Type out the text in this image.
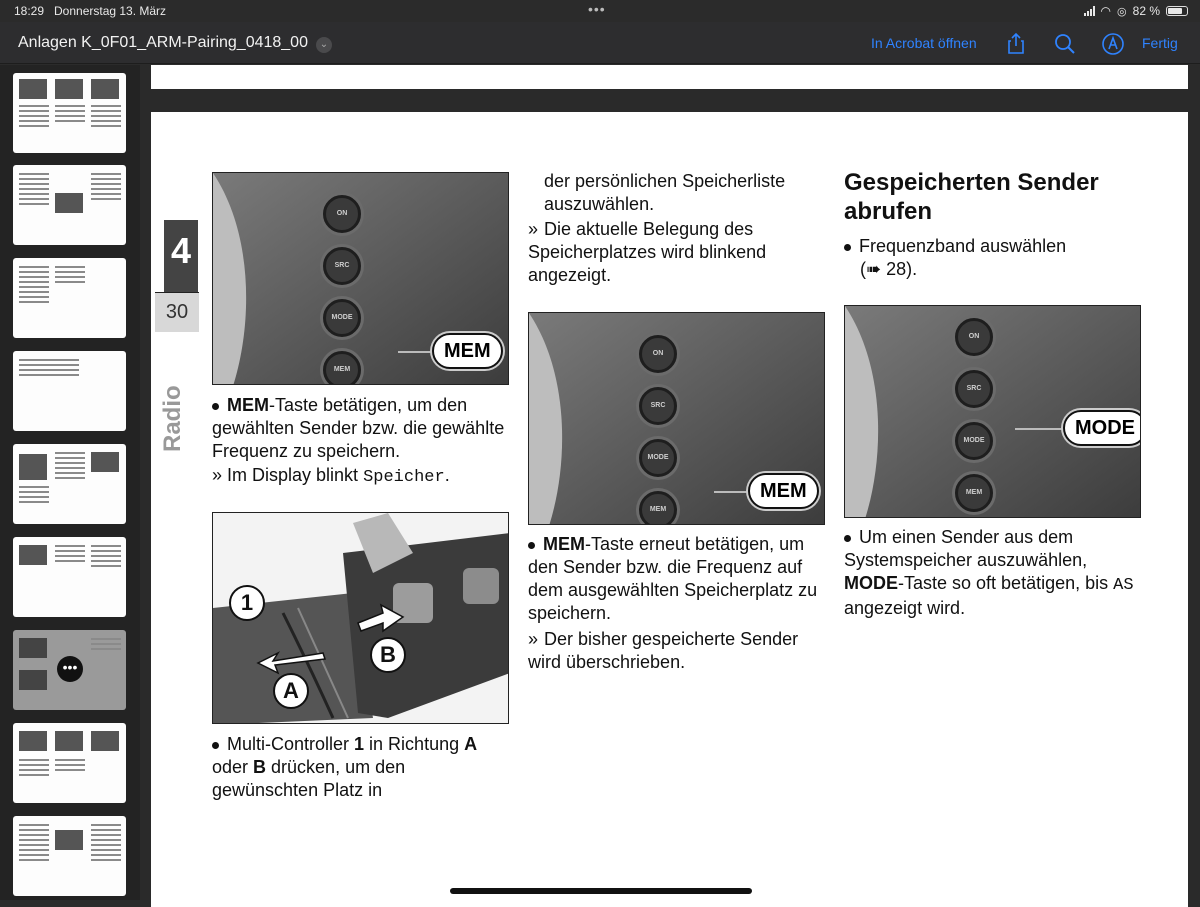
18:29 Donnerstag 13. März	•••	◠ ◎ 82 %
Anlagen K_0F01_ARM-Pairing_0418_00 ⌄	In Acrobat öffnen	Fertig
•••
4
30
Radio
ON
SRC
MODE
MEM
MEM
MEM-Taste betätigen, um den gewählten Sender bzw. die gewählte Frequenz zu speichern.
» Im Display blinkt Speicher.
1
A
B
Multi-Controller 1 in Richtung A oder B drücken, um den gewünschten Platz in
der persönlichen Speicherliste auszuwählen.
» Die aktuelle Belegung des Speicherplatzes wird blinkend angezeigt.
ON
SRC
MODE
MEM
MEM
MEM-Taste erneut betätigen, um den Sender bzw. die Frequenz auf dem ausgewählten Speicherplatz zu speichern.
» Der bisher gespeicherte Sender wird überschrieben.
Gespeicherten Sender abrufen
Frequenzband auswählen
(➠ 28).
ON
SRC
MODE
MEM
MODE
Um einen Sender aus dem Systemspeicher auszuwählen, MODE-Taste so oft betätigen, bis AS angezeigt wird.
